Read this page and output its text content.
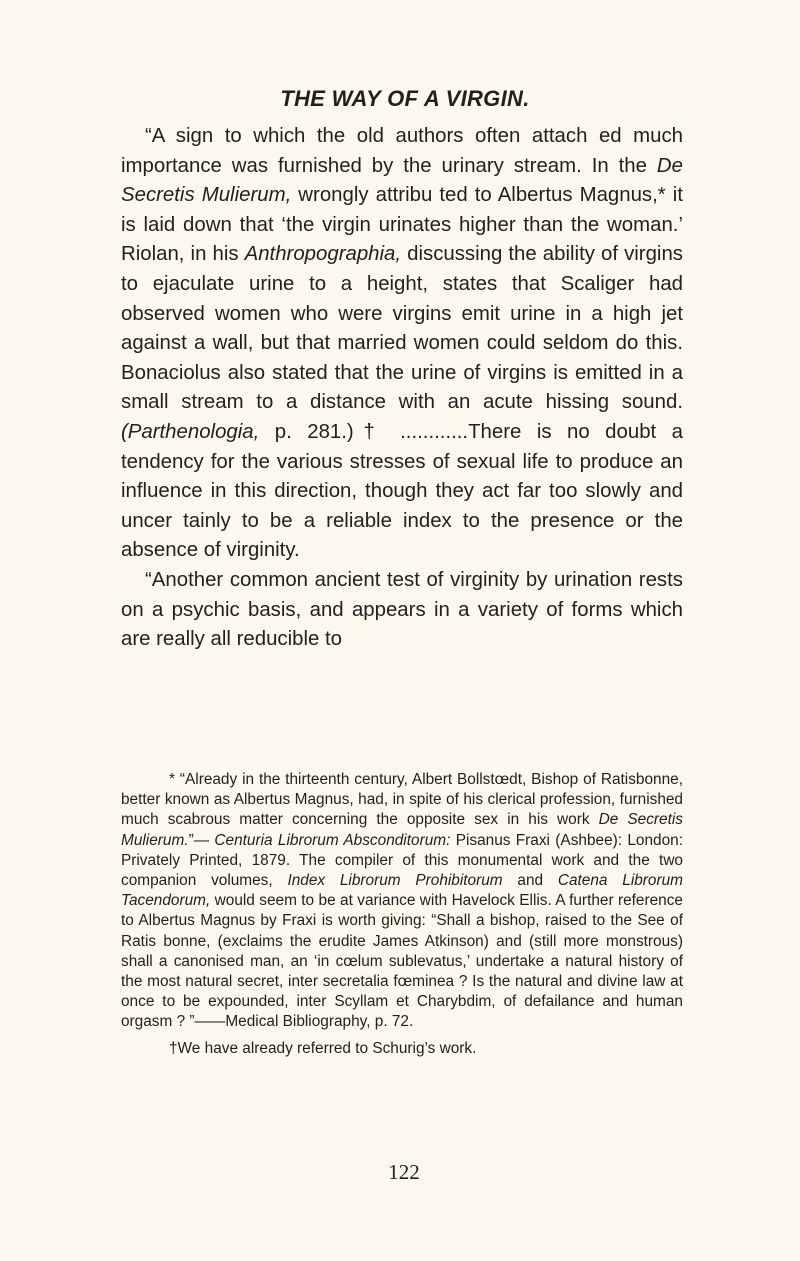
THE WAY OF A VIRGIN.

“A sign to which the old authors often attach ed much importance was furnished by the urinary stream. In the De Secretis Mulierum, wrongly attribu ted to Albertus Magnus,* it is laid down that ‘the virgin urinates higher than the woman.’ Riolan, in his Anthropographia, discussing the ability of virgins to ejaculate urine to a height, states that Scaliger had observed women who were virgins emit urine in a high jet against a wall, but that married women could seldom do this. Bonaciolus also stated that the urine of virgins is emitted in a small stream to a distance with an acute hissing sound. (Parthenologia, p. 281.)† ............There is no doubt a tendency for the various stresses of sexual life to produce an influence in this direction, though they act far too slowly and uncer tainly to be a reliable index to the presence or the absence of virginity.

“Another common ancient test of virginity by urination rests on a psychic basis, and appears in a variety of forms which are really all reducible to

* “Already in the thirteenth century, Albert Bollstœdt, Bishop of Ratisbonne, better known as Albertus Magnus, had, in spite of his clerical profession, furnished much scabrous matter concerning the opposite sex in his work De Secretis Mulierum.”— Centuria Librorum Absconditorum: Pisanus Fraxi (Ashbee): London: Privately Printed, 1879. The compiler of this monumental work and the two companion volumes, Index Librorum Prohibitorum and Catena Librorum Tacendorum, would seem to be at variance with Havelock Ellis. A further reference to Albertus Magnus by Fraxi is worth giving: “Shall a bishop, raised to the See of Ratis bonne, (exclaims the erudite James Atkinson) and (still more monstrous) shall a canonised man, an ‘in cœlum sublevatus,’ undertake a natural history of the most natural secret, inter secretalia fœminea ? Is the natural and divine law at once to be expounded, inter Scyllam et Charybdim, of defailance and human orgasm ? ”——Medical Bibliography, p. 72.

†We have already referred to Schurig’s work.

122
